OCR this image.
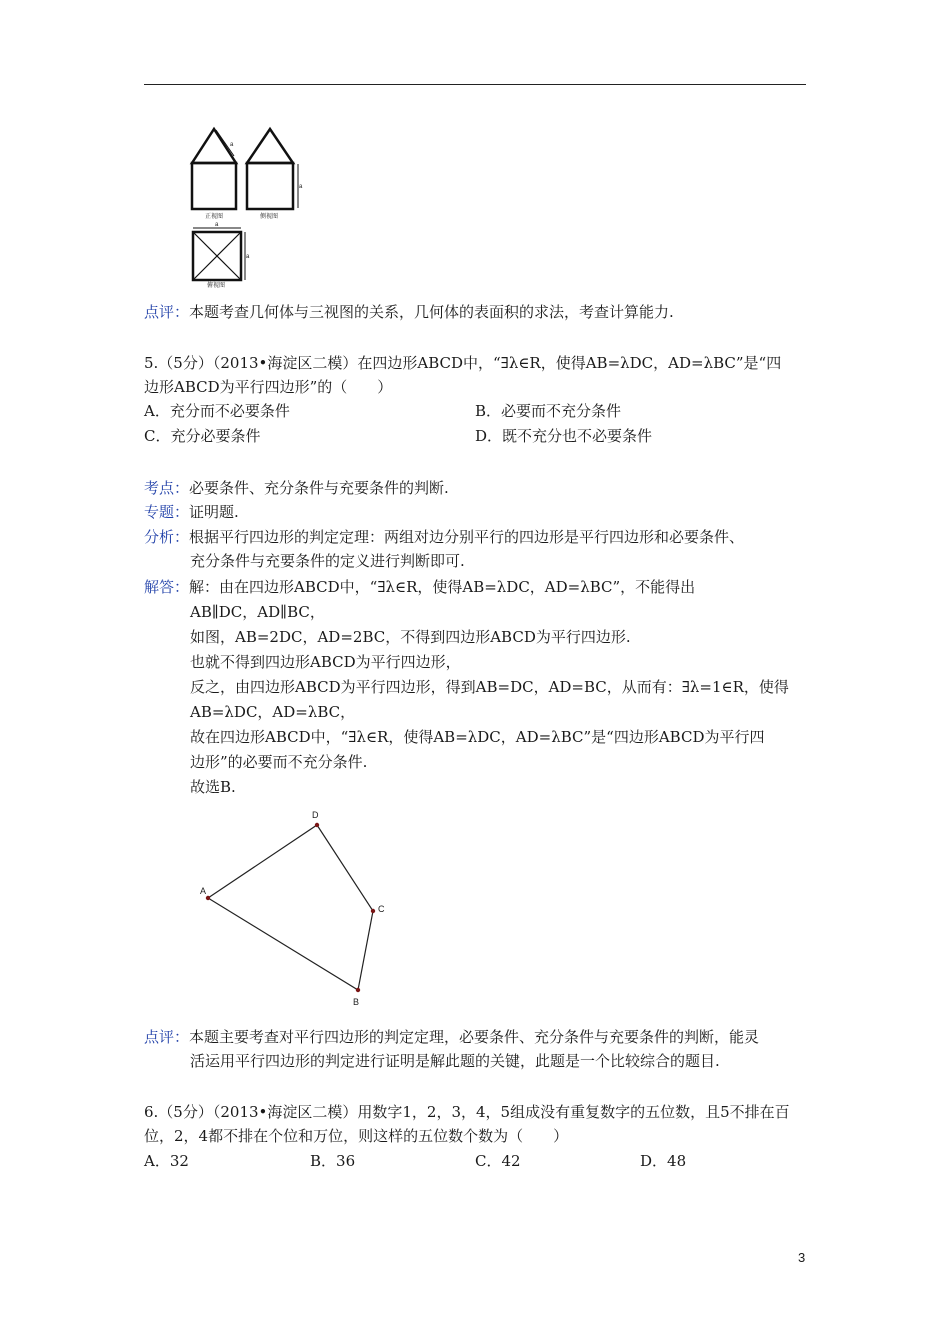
a
a
a
a
正视图	侧视图
俯视图
点评：本题考查几何体与三视图的关系，几何体的表面积的求法，考查计算能力.
5.（5分）（2013•海淀区二模）在四边形ABCD中，“∃λ∈R，使得AB=λDC，AD=λBC”是“四
边形ABCD为平行四边形”的（　　）
A．充分而不必要条件	B．必要而不充分条件
C．充分必要条件	D．既不充分也不必要条件
考点：必要条件、充分条件与充要条件的判断.
专题：证明题.
分析：根据平行四边形的判定定理：两组对边分别平行的四边形是平行四边形和必要条件、
充分条件与充要条件的定义进行判断即可.
解答：解：由在四边形ABCD中，“∃λ∈R，使得AB=λDC，AD=λBC”，不能得出
AB∥DC，AD∥BC，
如图，AB=2DC，AD=2BC，不得到四边形ABCD为平行四边形.
也就不得到四边形ABCD为平行四边形，
反之，由四边形ABCD为平行四边形，得到AB=DC，AD=BC，从而有：∃λ=1∈R，使得
AB=λDC，AD=λBC，
故在四边形ABCD中，“∃λ∈R，使得AB=λDC，AD=λBC”是“四边形ABCD为平行四
边形”的必要而不充分条件.
故选B.
A
D
C
B
点评：本题主要考查对平行四边形的判定定理，必要条件、充分条件与充要条件的判断，能灵
活运用平行四边形的判定进行证明是解此题的关键，此题是一个比较综合的题目.
6.（5分）（2013•海淀区二模）用数字1，2，3，4，5组成没有重复数字的五位数，且5不排在百
位，2，4都不排在个位和万位，则这样的五位数个数为（　　）
A．32	B．36	C．42	D．48
3
